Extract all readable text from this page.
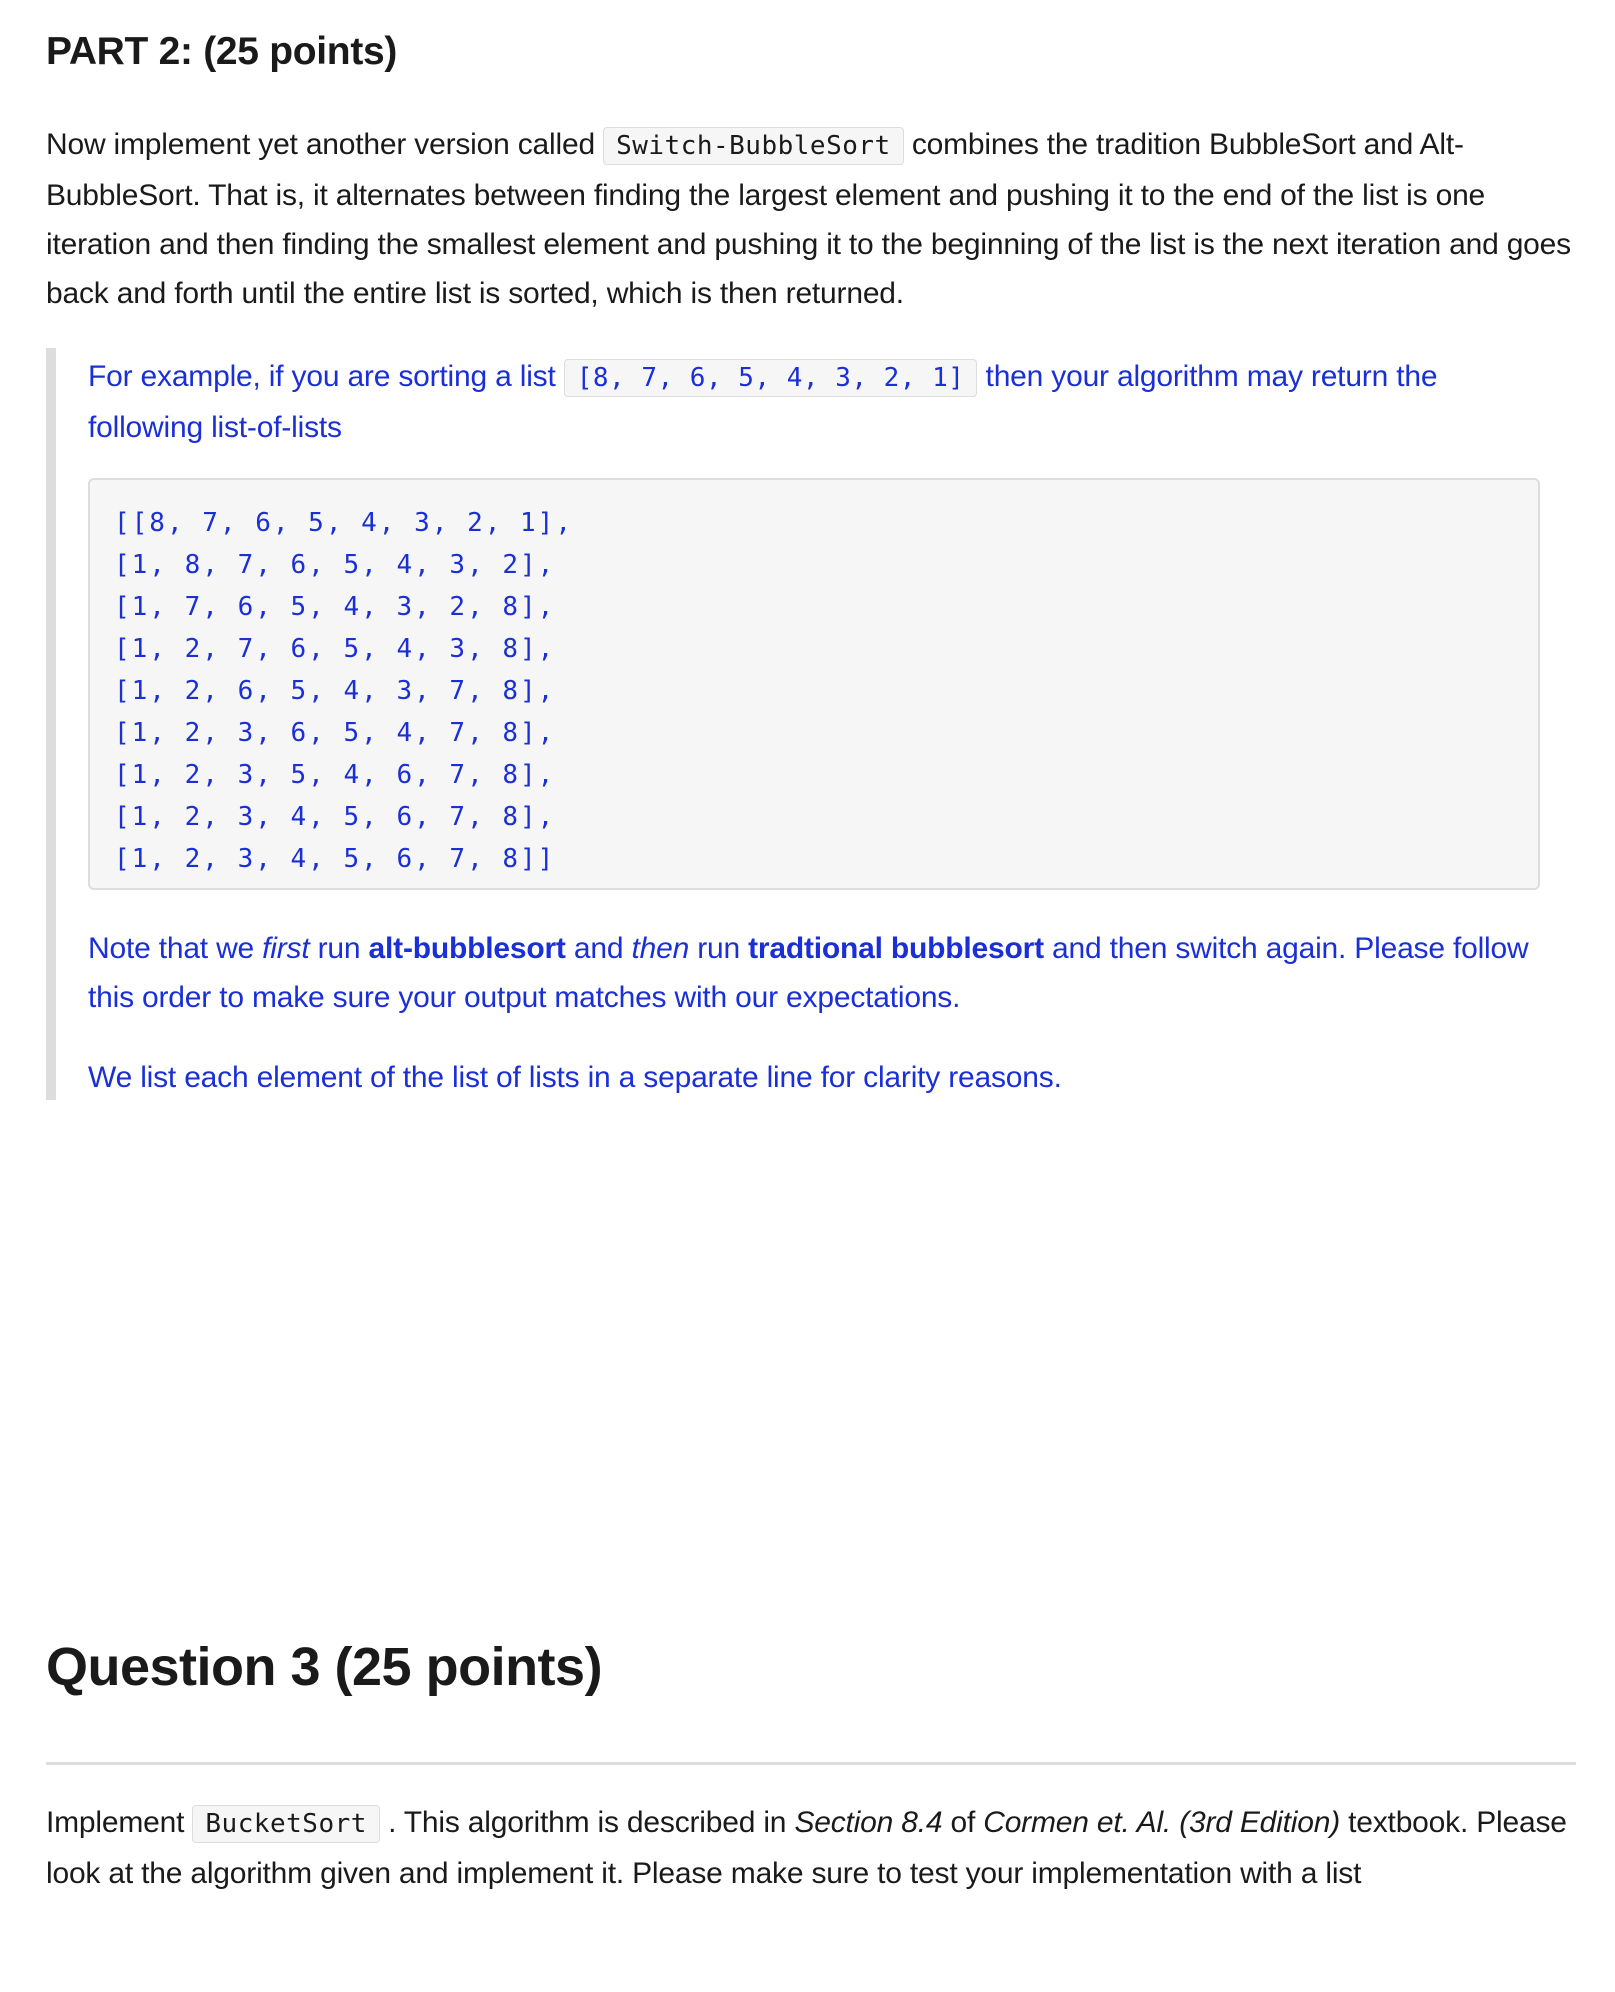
PART 2: (25 points)

Now implement yet another version called Switch-BubbleSort combines the tradition BubbleSort and Alt-BubbleSort. That is, it alternates between finding the largest element and pushing it to the end of the list is one iteration and then finding the smallest element and pushing it to the beginning of the list is the next iteration and goes back and forth until the entire list is sorted, which is then returned.

For example, if you are sorting a list [8, 7, 6, 5, 4, 3, 2, 1] then your algorithm may return the following list-of-lists

[[8, 7, 6, 5, 4, 3, 2, 1],
[1, 8, 7, 6, 5, 4, 3, 2],
[1, 7, 6, 5, 4, 3, 2, 8],
[1, 2, 7, 6, 5, 4, 3, 8],
[1, 2, 6, 5, 4, 3, 7, 8],
[1, 2, 3, 6, 5, 4, 7, 8],
[1, 2, 3, 5, 4, 6, 7, 8],
[1, 2, 3, 4, 5, 6, 7, 8],
[1, 2, 3, 4, 5, 6, 7, 8]]

Note that we first run alt-bubblesort and then run tradtional bubblesort and then switch again. Please follow this order to make sure your output matches with our expectations.

We list each element of the list of lists in a separate line for clarity reasons.

Question 3 (25 points)

Implement BucketSort . This algorithm is described in Section 8.4 of Cormen et. Al. (3rd Edition) textbook. Please look at the algorithm given and implement it. Please make sure to test your implementation with a list
